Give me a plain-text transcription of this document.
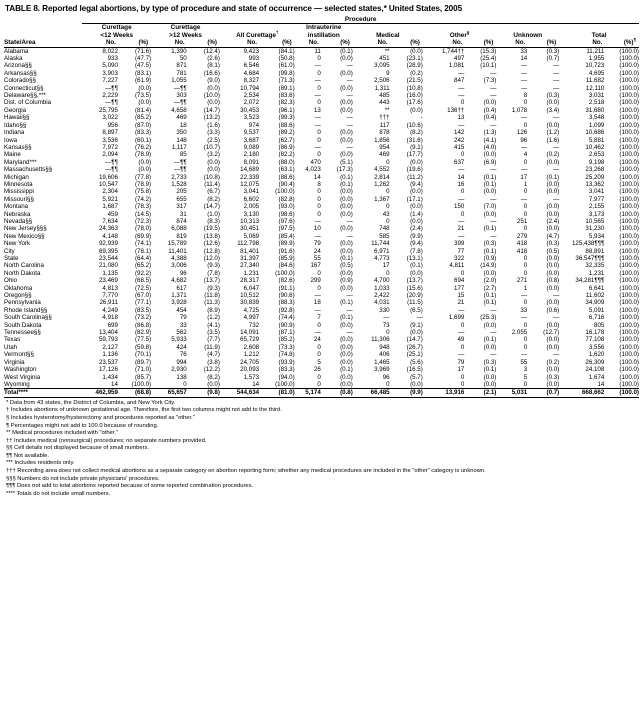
TABLE 8. Reported legal abortions, by type of procedure and state of occurrence — selected states,* United States, 2005
	Procedure															
	Curettage		Curettage				Intrauterine									
	<12 Weeks		>12 Weeks		All Curettage†		instillation		Medical		Other§		Unknown		Total	
State/Area	No.	(%)	No.	(%)	No.	(%)	No.	(%)	No.	(%)	No.	(%)	No.	(%)	No.	(%)¶
Alabama	8,022	(71.6)	1,390	(12.4)	9,423	(84.1)	11	(0.1)	**	(0.0)	1,744††	(15.3)	33	(0.3)	11,211	(100.0)
Alaska	933	(47.7)	50	(2.6)	993	(50.8)	0	(0.0)	451	(23.1)	497	(25.4)	14	(0.7)	1,955	(100.0)
Arizona§§	5,090	(47.5)	871	(8.1)	6,546	(61.0)	—	—	3,095	(28.9)	1,081	(10.1)	—	—	10,723	(100.0)
Arkansas§§	3,903	(83.1)	781	(16.6)	4,684	(99.8)	0	(0.0)	9	(0.2)	—	—	—	—	4,695	(100.0)
Colorado§§	7,227	(61.9)	1,055	(9.0)	8,327	(71.3)	—	—	2,506	(21.5)	847	(7.3)	—	—	11,682	(100.0)
Connecticut§§	—¶¶	(0.0)	—¶¶	(0.0)	10,794	(89.1)	0	(0.0)	1,311	(10.8)	—	—	—	—	12,110	(100.0)
Delaware§§,***	2,229	(73.5)	303	(10.0)	2,534	(83.6)	—	—	485	(16.0)	—	—	8	(0.3)	3,031	(100.0)
Dist. of Columbia	—¶¶	(0.0)	—¶¶	(0.0)	2,072	(82.3)	0	(0.0)	443	(17.6)	0	(0.0)	0	(0.0)	2,518	(100.0)
Georgia	25,795	(81.4)	4,658	(14.7)	30,453	(96.1)	13	(0.0)	**	(0.0)	136††	(0.4)	1,078	(3.4)	31,680	(100.0)
Hawaii§§	3,022	(85.2)	469	(13.2)	3,523	(99.3)	—	—	†††	-	13	(0.4)	—	—	3,548	(100.0)
Idaho§§	956	(87.0)	18	(1.6)	974	(88.6)	—	—	117	(10.6)	—	—	0	(0.0)	1,099	(100.0)
Indiana	8,897	(83.3)	350	(3.3)	9,537	(89.2)	0	(0.0)	878	(8.2)	142	(1.3)	126	(1.2)	10,686	(100.0)
Iowa	3,536	(60.1)	148	(2.5)	3,687	(62.7)	0	(0.0)	1,856	(31.6)	242	(4.1)	96	(1.6)	5,881	(100.0)
Kansas§§	7,972	(76.2)	1,117	(10.7)	9,089	(86.9)	—	—	954	(9.1)	415	(4.0)	—	—	10,462	(100.0)
Maine	2,094	(78.9)	85	(3.2)	2,180	(82.2)	0	(0.0)	469	(17.7)	0	(0.0)	4	(0.2)	2,653	(100.0)
Maryland***	—¶¶	(0.0)	—¶¶	(0.0)	8,091	(88.0)	470	(5.1)	0	(0.0)	637	(6.9)	0	(0.0)	9,198	(100.0)
Massachusetts§§	—¶¶	(0.0)	—¶¶	(0.0)	14,689	(63.1)	4,023	(17.3)	4,552	(19.6)	—	—	—	—	23,268	(100.0)
Michigan	19,606	(77.8)	2,733	(10.8)	22,339	(88.6)	14	(0.1)	2,814	(11.2)	14	(0.1)	17	(0.1)	25,209	(100.0)
Minnesota	10,547	(78.9)	1,528	(11.4)	12,075	(90.4)	8	(0.1)	1,262	(9.4)	16	(0.1)	1	(0.0)	13,362	(100.0)
Mississippi	2,304	(75.8)	205	(6.7)	3,041	(100.0)	0	(0.0)	0	(0.0)	0	(0.0)	0	(0.0)	3,041	(100.0)
Missouri§§	5,921	(74.2)	655	(8.2)	6,602	(82.8)	0	(0.0)	1,367	(17.1)	—	—	—	—	7,977	(100.0)
Montana	1,687	(78.3)	317	(14.7)	2,005	(93.0)	0	(0.0)	0	(0.0)	150	(7.0)	0	(0.0)	2,155	(100.0)
Nebraska	459	(14.5)	31	(1.0)	3,130	(98.6)	0	(0.0)	43	(1.4)	0	(0.0)	0	(0.0)	3,173	(100.0)
Nevada§§	7,634	(72.3)	874	(8.3)	10,313	(97.6)	—	—	0	(0.0)	—	—	251	(2.4)	10,565	(100.0)
New Jersey§§§	24,363	(78.0)	6,088	(19.5)	30,451	(97.5)	10	(0.0)	748	(2.4)	21	(0.1)	0	(0.0)	31,230	(100.0)
New Mexico§§	4,148	(69.9)	819	(13.8)	5,069	(85.4)	—	—	585	(9.9)	—	—	279	(4.7)	5,934	(100.0)
New York	92,939	(74.1)	15,789	(12.6)	112,798	(89.9)	79	(0.0)	11,744	(9.4)	399	(0.3)	418	(0.3)	125,438¶¶¶	(100.0)
City	69,395	(78.1)	11,401	(12.8)	81,401	(91.6)	24	(0.0)	6,971	(7.8)	77	(0.1)	418	(0.5)	88,891	(100.0)
State	23,544	(64.4)	4,388	(12.0)	31,397	(85.9)	55	(0.1)	4,773	(13.1)	322	(0.9)	0	(0.0)	36,547¶¶¶	(100.0)
North Carolina	21,080	(65.2)	3,006	(9.3)	27,340	(84.6)	167	(0.5)	17	(0.1)	4,811	(14.9)	0	(0.0)	32,335	(100.0)
North Dakota	1,135	(92.2)	96	(7.8)	1,231	(100.0)	0	(0.0)	0	(0.0)	0	(0.0)	0	(0.0)	1,231	(100.0)
Ohio	23,469	(68.5)	4,682	(13.7)	28,317	(82.6)	299	(0.9)	4,700	(13.7)	694	(2.0)	271	(0.8)	34,281¶¶¶	(100.0)
Oklahoma	4,813	(72.5)	617	(9.3)	6,047	(91.1)	0	(0.0)	1,033	(15.6)	177	(2.7)	1	(0.0)	6,641	(100.0)
Oregon§§	7,770	(67.0)	1,371	(11.8)	10,512	(90.6)	—	—	2,422	(20.9)	15	(0.1)	—	—	11,602	(100.0)
Pennsylvania	26,911	(77.1)	3,928	(11.3)	30,839	(88.3)	18	(0.1)	4,031	(11.5)	21	(0.1)	0	(0.0)	34,909	(100.0)
Rhode Island§§	4,249	(83.5)	454	(8.9)	4,725	(92.8)	—	—	330	(6.5)	—	—	33	(0.6)	5,091	(100.0)
South Carolina§§	4,918	(73.2)	79	(1.2)	4,997	(74.4)	7	(0.1)	—	—	1,699	(25.3)	—	—	6,716	(100.0)
South Dakota	699	(86.8)	33	(4.1)	732	(90.9)	0	(0.0)	73	(9.1)	0	(0.0)	0	(0.0)	805	(100.0)
Tennessee§§	13,404	(82.9)	562	(3.5)	14,091	(87.1)	—	—	0	(0.0)	—	—	2,055	(12.7)	16,178	(100.0)
Texas	59,793	(77.5)	5,933	(7.7)	65,729	(85.2)	24	(0.0)	11,306	(14.7)	49	(0.1)	0	(0.0)	77,108	(100.0)
Utah	2,127	(59.8)	424	(11.9)	2,608	(73.3)	0	(0.0)	948	(26.7)	0	(0.0)	0	(0.0)	3,556	(100.0)
Vermont§§	1,136	(70.1)	76	(4.7)	1,212	(74.8)	0	(0.0)	406	(25.1)	—	—	—	—	1,620	(100.0)
Virginia	23,537	(89.7)	994	(3.8)	24,705	(93.9)	5	(0.0)	1,465	(5.6)	79	(0.3)	55	(0.2)	26,309	(100.0)
Washington	17,126	(71.0)	2,930	(12.2)	20,093	(83.3)	26	(0.1)	3,969	(16.5)	17	(0.1)	3	(0.0)	24,108	(100.0)
West Virginia	1,434	(85.7)	138	(8.2)	1,573	(94.0)	0	(0.0)	96	(5.7)	0	(0.0)	5	(0.3)	1,674	(100.0)
Wyoming	14	(100.0)	0	(0.0)	14	(100.0)	0	(0.0)	0	(0.0)	0	(0.0)	0	(0.0)	14	(100.0)
Total****	462,959	(68.8)	65,657	(9.8)	544,634	(81.0)	5,174	(0.8)	66,485	(9.9)	13,916	(2.1)	5,031	(0.7)	668,662	(100.0)
* Data from 43 states, the District of Columbia, and New York City.
† Includes abortions of unknown gestational age. Therefore, the first two columns might not add to the third.
§ Includes hysterotomy/hysterectomy and procedures reported as "other."
¶ Percentages might not add to 100.0 because of rounding.
** Medical procedures included with "other."
†† Includes medical (nonsurgical) procedures; no separate numbers provided.
§§ Cell details not displayed because of small numbers.
¶¶ Not available.
*** Includes residents only.
††† Recording area does not collect medical abortions as a separate category on abortion reporting form; whether any medical procedures are included in the "other" category is unknown.
§§§ Numbers do not include private physicians' procedures.
¶¶¶ Does not add to total abortions reported because of some reported combination procedures.
**** Totals do not include small numbers.
